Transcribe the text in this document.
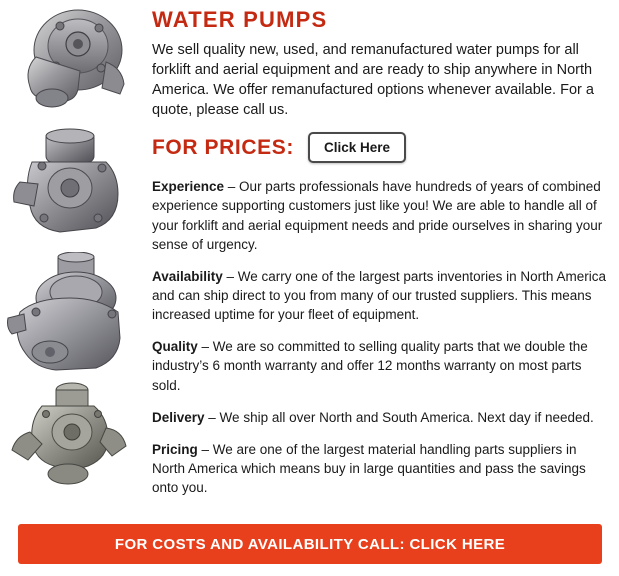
WATER PUMPS

We sell quality new, used, and remanufactured water pumps for all forklift and aerial equipment and are ready to ship anywhere in North America. We offer remanufactured options whenever available. For a quote, please call us.

FOR PRICES:	Click Here

Experience – Our parts professionals have hundreds of years of combined experience supporting customers just like you! We are able to handle all of your forklift and aerial equipment needs and pride ourselves in sharing your sense of urgency.

Availability – We carry one of the largest parts inventories in North America and can ship direct to you from many of our trusted suppliers. This means increased uptime for your fleet of equipment.

Quality – We are so committed to selling quality parts that we double the industry’s 6 month warranty and offer 12 months warranty on most parts sold.

Delivery – We ship all over North and South America. Next day if needed.

Pricing – We are one of the largest material handling parts suppliers in North America which means buy in large quantities and pass the savings onto you.

FOR COSTS AND AVAILABILITY CALL: CLICK HERE
